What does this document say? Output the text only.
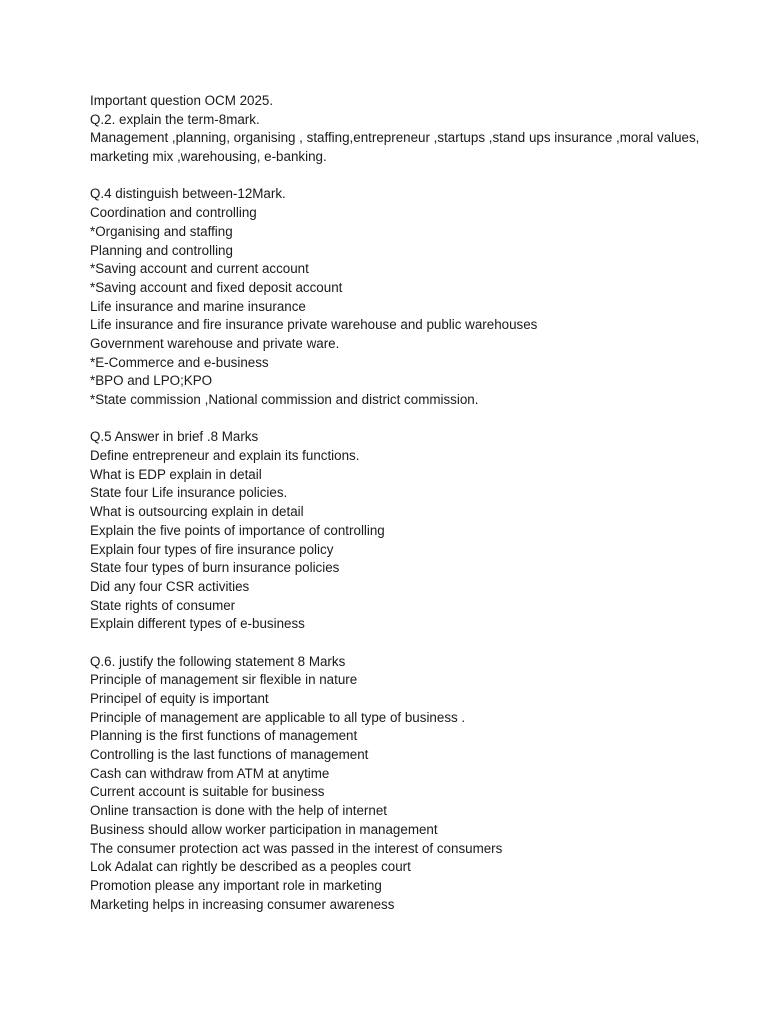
Important question OCM 2025.
Q.2. explain the term-8mark.
Management ,planning, organising , staffing,entrepreneur ,startups ,stand ups insurance ,moral values, marketing mix ,warehousing, e-banking.
Q.4 distinguish between-12Mark.
Coordination and controlling
*Organising and staffing
Planning and controlling
*Saving account and current account
*Saving account and fixed deposit account
Life insurance and marine insurance
Life insurance and fire insurance private warehouse and public warehouses
Government warehouse and private ware.
*E-Commerce and e-business
*BPO and LPO;KPO
*State commission ,National commission and district commission.
Q.5 Answer in brief .8 Marks
Define entrepreneur and explain its functions.
What is EDP explain in detail
State four Life insurance policies.
What is outsourcing explain in detail
Explain the five points of importance of controlling
Explain four types of fire insurance policy
State four types of burn insurance policies
Did any four CSR activities
State rights of consumer
Explain different types of e-business
Q.6. justify the following statement 8 Marks
Principle of management sir flexible in nature
Principel of equity is important
Principle of management are applicable to all type of business .
Planning is the first functions of management
Controlling is the last functions of management
Cash can withdraw from ATM at anytime
Current account is suitable for business
Online transaction is done with the help of internet
Business should allow worker participation in management
The consumer protection act was passed in the interest of consumers
Lok Adalat can rightly be described as a peoples court
Promotion please any important role in marketing
Marketing helps in increasing consumer awareness
